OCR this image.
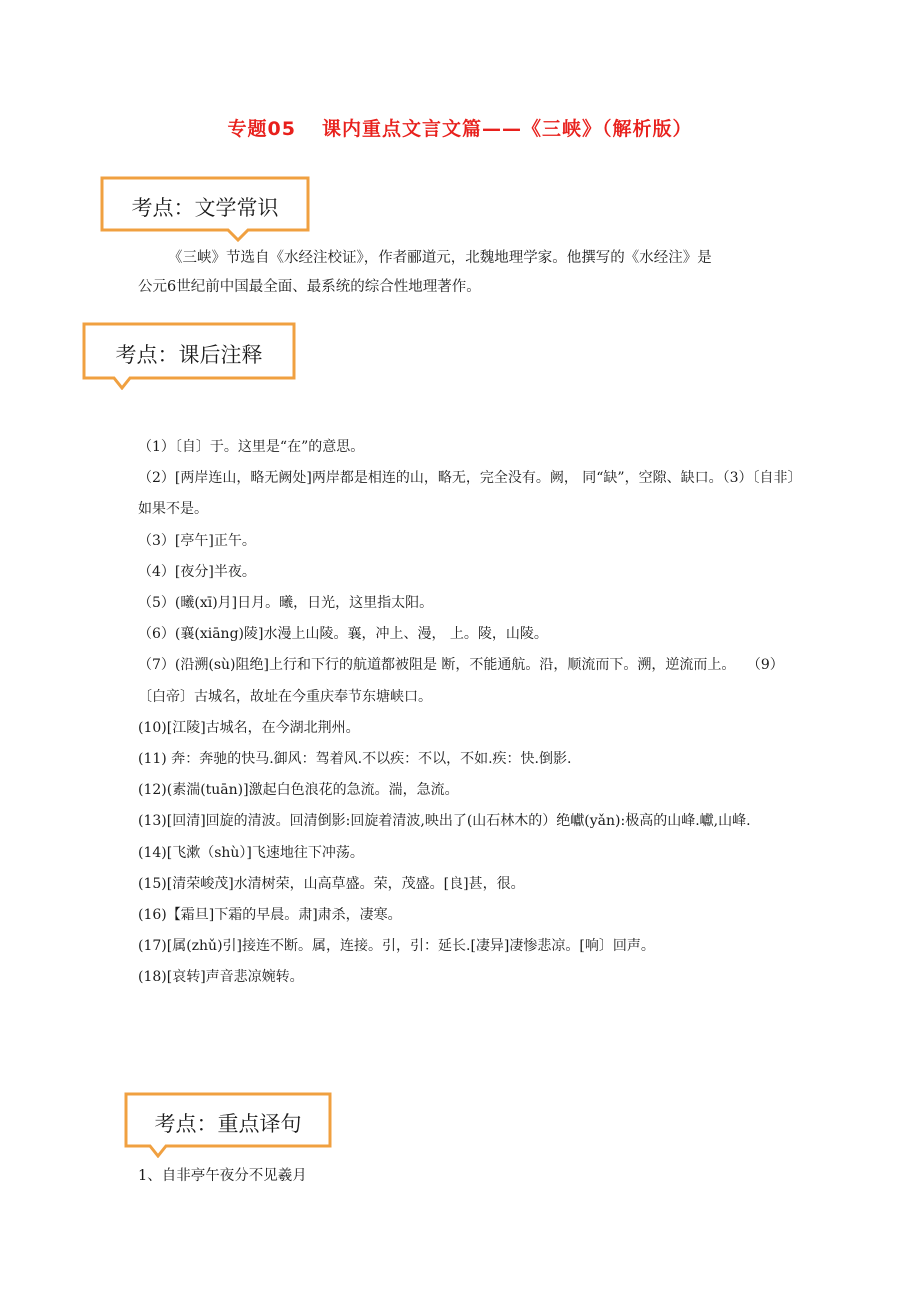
专题05 课内重点文言文篇——《三峡》（解析版）
考点：文学常识
《三峡》节选自《水经注校证》，作者郦道元，北魏地理学家。他撰写的《水经注》是
公元6世纪前中国最全面、最系统的综合性地理著作。
考点：课后注释
（1）〔自〕于。这里是“在”的意思。
（2）[两岸连山，略无阙处]两岸都是相连的山，略无，完全没有。阙， 同“缺”，空隙、缺口。（3）〔自非〕如果不是。
（3）[亭午]正午。
（4）[夜分]半夜。
（5）(曦(xī)月]日月。曦，日光，这里指太阳。
（6）(襄(xiāng)陵]水漫上山陵。襄，冲上、漫， 上。陵，山陵。
（7）(沿溯(sù)阻绝]上行和下行的航道都被阻是 断，不能通航。沿，顺流而下。溯，逆流而上。　 （9）〔白帝〕古城名，故址在今重庆奉节东塘峡口。
(10)[江陵]古城名，在今湖北荆州。
(11) 奔：奔驰的快马.御风：驾着风.不以疾：不以，不如.疾：快.倒影.
(12)(素湍(tuān)]激起白色浪花的急流。湍，急流。
(13)[回清]回旋的清波。回清倒影:回旋着清波,映出了(山石林木的）绝巘(yǎn):极高的山峰.巘,山峰.
(14)[飞漱（shù）]飞速地往下冲荡。
(15)[清荣峻茂]水清树荣，山高草盛。荣，茂盛。[良]甚，很。
(16)【霜旦]下霜的早晨。肃]肃杀，凄寒。
(17)[属(zhǔ)引]接连不断。属，连接。引，引：延长.[凄异]凄惨悲凉。[响〕回声。
(18)[哀转]声音悲凉婉转。
考点：重点译句
1、自非亭午夜分不见羲月
